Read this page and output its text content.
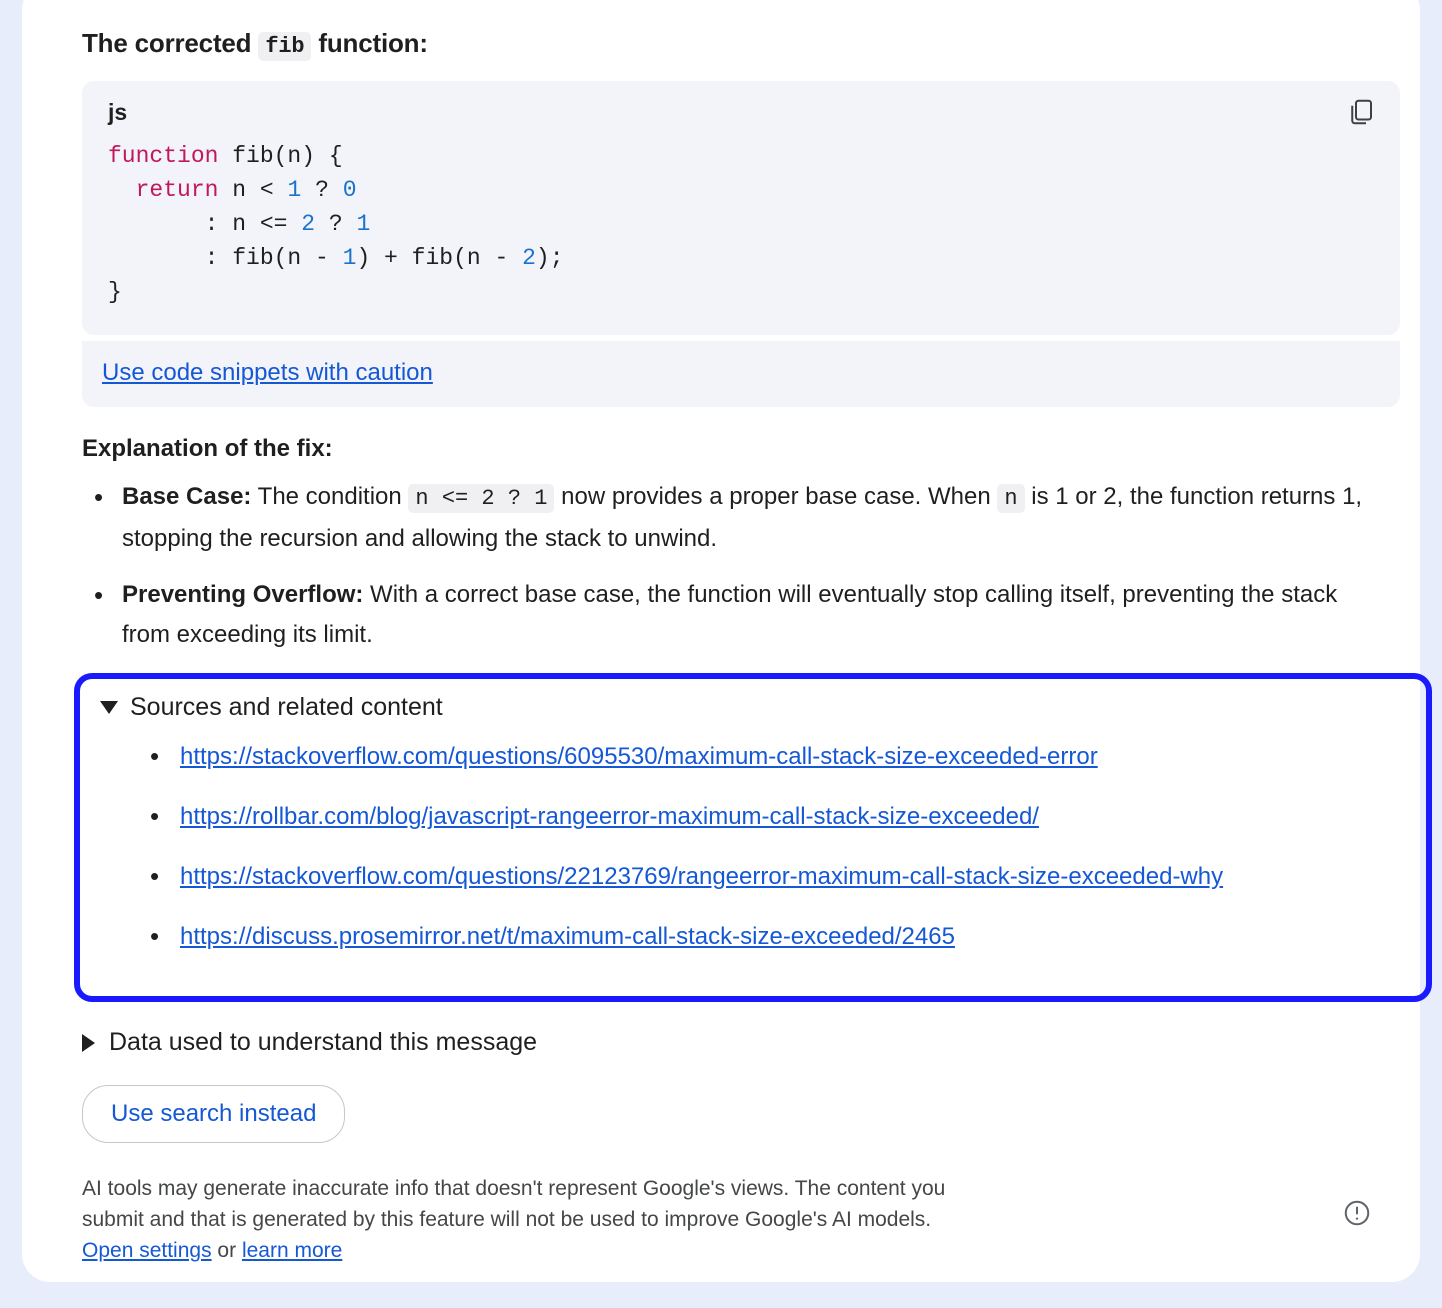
The corrected fib function:
js
function fib(n) {
return n < 1 ? 0
: n <= 2 ? 1
: fib(n - 1) + fib(n - 2);
}
Use code snippets with caution
Explanation of the fix:
• Base Case: The condition n <= 2 ? 1 now provides a proper base case. When n is 1 or 2, the function returns 1, stopping the recursion and allowing the stack to unwind.
• Preventing Overflow: With a correct base case, the function will eventually stop calling itself, preventing the stack from exceeding its limit.
Sources and related content
• https://stackoverflow.com/questions/6095530/maximum-call-stack-size-exceeded-error
• https://rollbar.com/blog/javascript-rangeerror-maximum-call-stack-size-exceeded/
• https://stackoverflow.com/questions/22123769/rangeerror-maximum-call-stack-size-exceeded-why
• https://discuss.prosemirror.net/t/maximum-call-stack-size-exceeded/2465
Data used to understand this message
Use search instead
AI tools may generate inaccurate info that doesn't represent Google's views. The content you
submit and that is generated by this feature will not be used to improve Google's AI models.
Open settings or learn more
